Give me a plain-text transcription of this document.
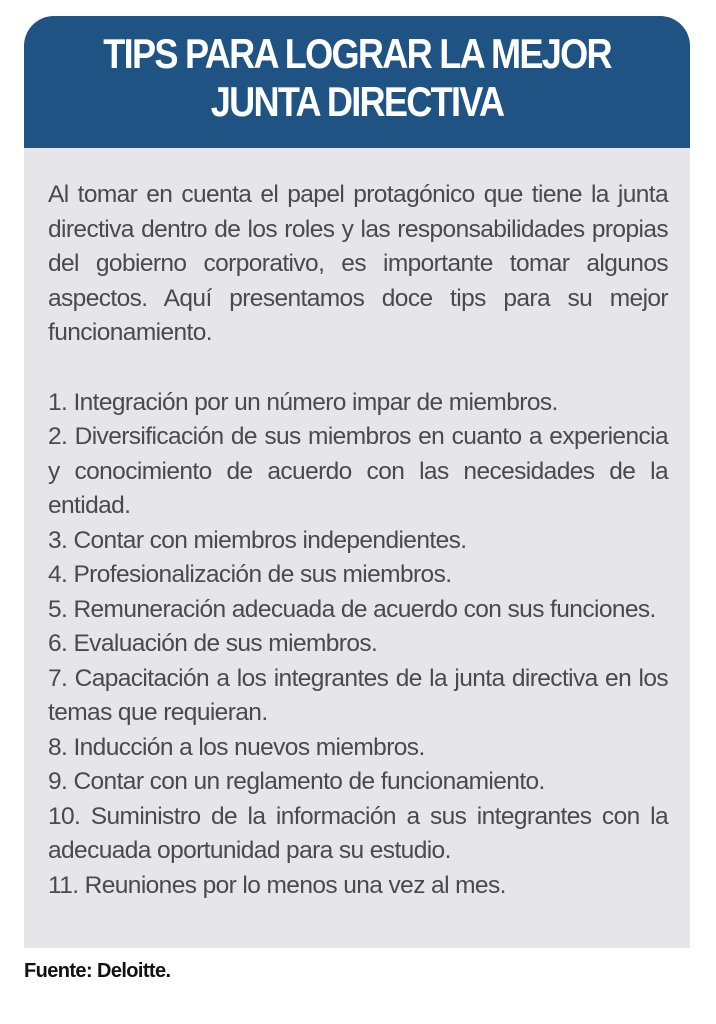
TIPS PARA LOGRAR LA MEJOR
JUNTA DIRECTIVA

Al tomar en cuenta el papel protagónico que tiene la junta directiva dentro de los roles y las responsabilidades propias del gobierno corporativo, es importante tomar algunos aspectos. Aquí presentamos doce tips para su mejor funcionamiento.

1. Integración por un número impar de miembros.
2. Diversificación de sus miembros en cuanto a experiencia y conocimiento de acuerdo con las necesidades de la entidad.
3. Contar con miembros independientes.
4. Profesionalización de sus miembros.
5. Remuneración adecuada de acuerdo con sus funciones.
6. Evaluación de sus miembros.
7. Capacitación a los integrantes de la junta directiva en los temas que requieran.
8. Inducción a los nuevos miembros.
9. Contar con un reglamento de funcionamiento.
10. Suministro de la información a sus integrantes con la adecuada oportunidad para su estudio.
11. Reuniones por lo menos una vez al mes.
Fuente: Deloitte.
